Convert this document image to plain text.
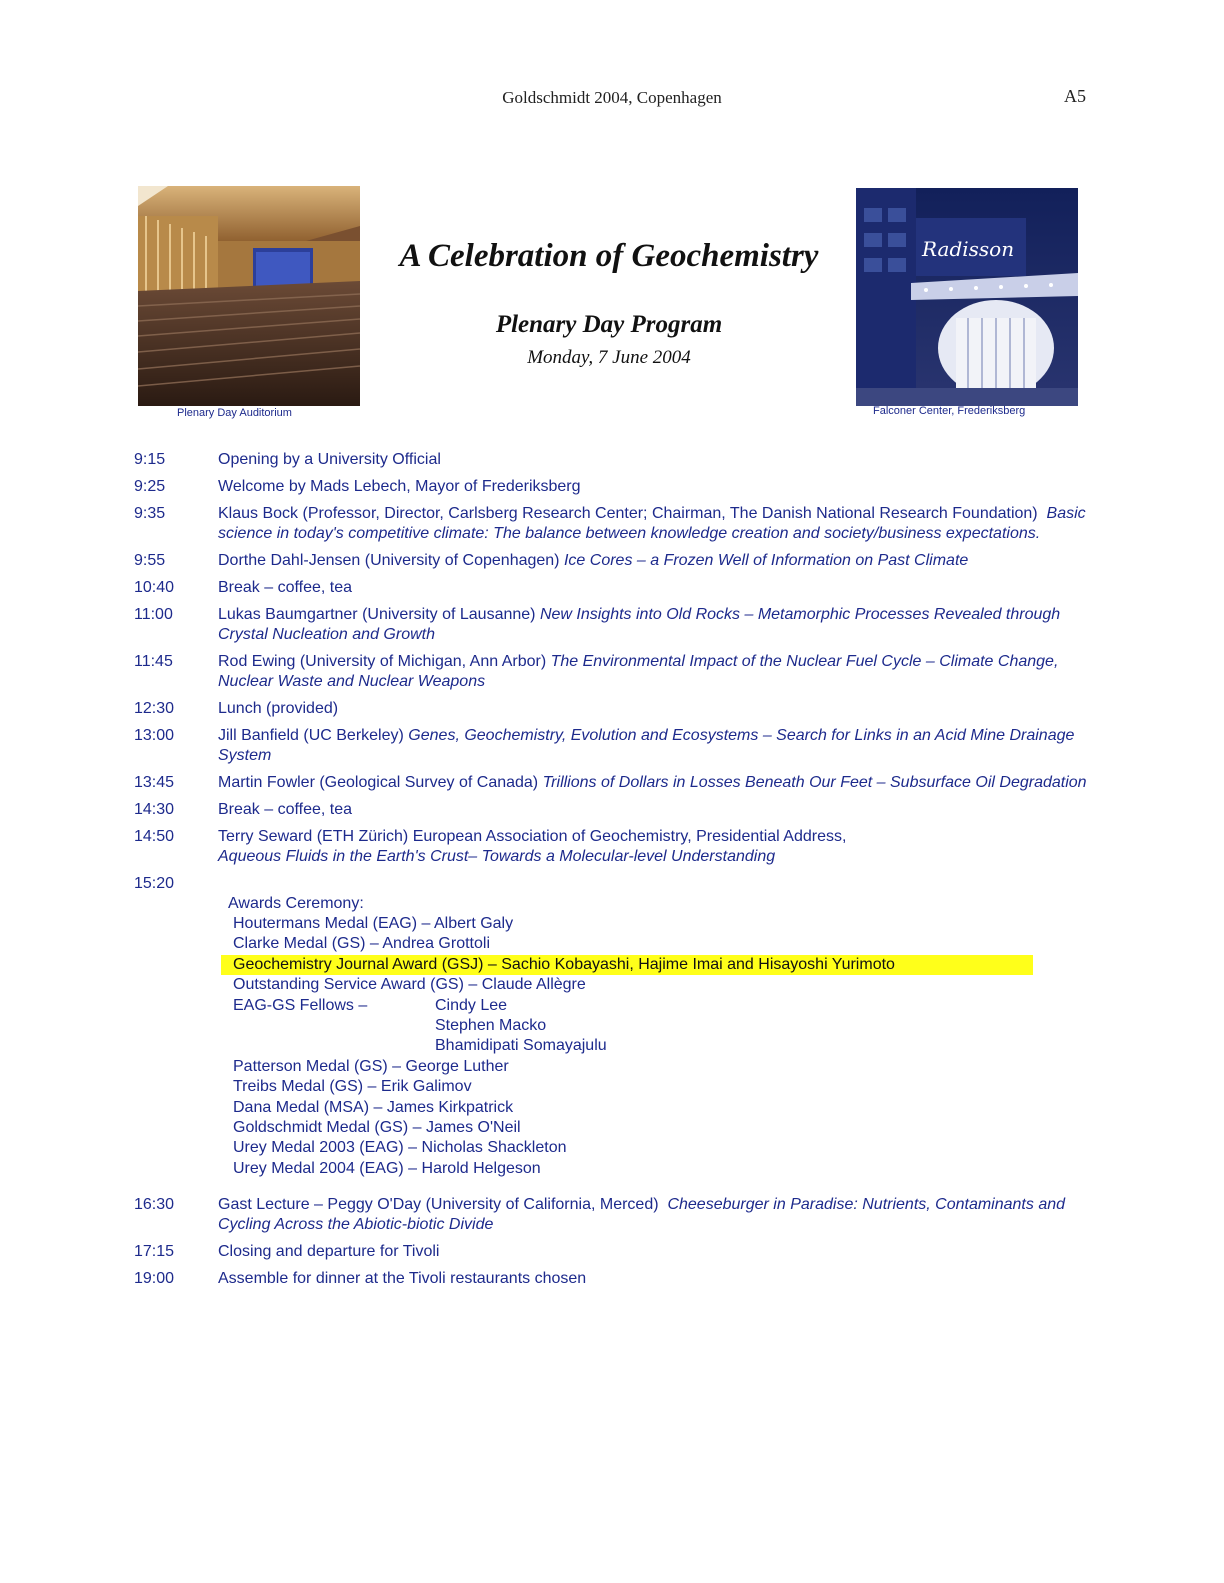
Goldschmidt 2004, Copenhagen	A5
Plenary Day Auditorium
Radisson
Falconer Center, Frederiksberg
A Celebration of Geochemistry
Plenary Day Program
Monday, 7 June 2004
9:15	Opening by a University Official
9:25	Welcome by Mads Lebech, Mayor of Frederiksberg
9:35	Klaus Bock (Professor, Director, Carlsberg Research Center; Chairman, The Danish National Research Foundation) Basic science in today's competitive climate: The balance between knowledge creation and society/business expectations.
9:55	Dorthe Dahl-Jensen (University of Copenhagen) Ice Cores – a Frozen Well of Information on Past Climate
10:40	Break – coffee, tea
11:00	Lukas Baumgartner (University of Lausanne) New Insights into Old Rocks – Metamorphic Processes Revealed through Crystal Nucleation and Growth
11:45	Rod Ewing (University of Michigan, Ann Arbor) The Environmental Impact of the Nuclear Fuel Cycle – Climate Change, Nuclear Waste and Nuclear Weapons
12:30	Lunch (provided)
13:00	Jill Banfield (UC Berkeley) Genes, Geochemistry, Evolution and Ecosystems – Search for Links in an Acid Mine Drainage System
13:45	Martin Fowler (Geological Survey of Canada) Trillions of Dollars in Losses Beneath Our Feet – Subsurface Oil Degradation
14:30	Break – coffee, tea
14:50	Terry Seward (ETH Zürich) European Association of Geochemistry, Presidential Address,
Aqueous Fluids in the Earth's Crust– Towards a Molecular-level Understanding
15:20
Awards Ceremony:
Houtermans Medal (EAG) – Albert Galy
Clarke Medal (GS) – Andrea Grottoli
Geochemistry Journal Award (GSJ) – Sachio Kobayashi, Hajime Imai and Hisayoshi Yurimoto
Outstanding Service Award (GS) – Claude Allègre
EAG-GS Fellows –	Cindy Lee
Stephen Macko
Bhamidipati Somayajulu
Patterson Medal (GS) – George Luther
Treibs Medal (GS) – Erik Galimov
Dana Medal (MSA) – James Kirkpatrick
Goldschmidt Medal (GS) – James O'Neil
Urey Medal 2003 (EAG) – Nicholas Shackleton
Urey Medal 2004 (EAG) – Harold Helgeson
16:30	Gast Lecture – Peggy O'Day (University of California, Merced) Cheeseburger in Paradise: Nutrients, Contaminants and Cycling Across the Abiotic-biotic Divide
17:15	Closing and departure for Tivoli
19:00	Assemble for dinner at the Tivoli restaurants chosen
